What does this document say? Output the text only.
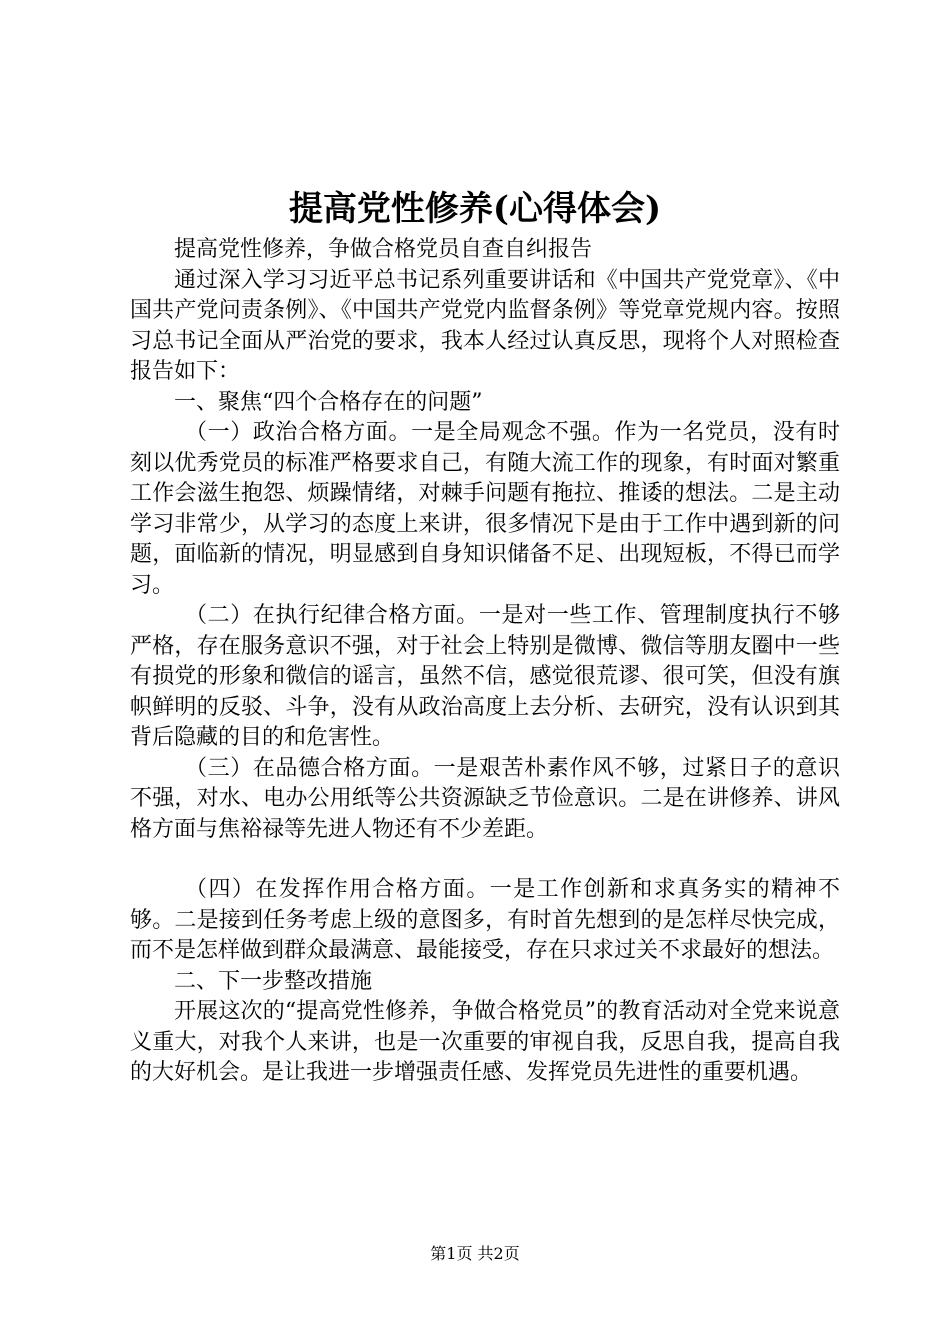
提高党性修养(心得体会)

提高党性修养，争做合格党员自查自纠报告

通过深入学习习近平总书记系列重要讲话和《中国共产党党章》、《中国共产党问责条例》、《中国共产党党内监督条例》等党章党规内容。按照习总书记全面从严治党的要求，我本人经过认真反思，现将个人对照检查报告如下：

一、聚焦“四个合格存在的问题”

（一）政治合格方面。一是全局观念不强。作为一名党员，没有时刻以优秀党员的标准严格要求自己，有随大流工作的现象，有时面对繁重工作会滋生抱怨、烦躁情绪，对棘手问题有拖拉、推诿的想法。二是主动学习非常少，从学习的态度上来讲，很多情况下是由于工作中遇到新的问题，面临新的情况，明显感到自身知识储备不足、出现短板，不得已而学习。

（二）在执行纪律合格方面。一是对一些工作、管理制度执行不够严格，存在服务意识不强，对于社会上特别是微博、微信等朋友圈中一些有损党的形象和微信的谣言，虽然不信，感觉很荒谬、很可笑，但没有旗帜鲜明的反驳、斗争，没有从政治高度上去分析、去研究，没有认识到其背后隐藏的目的和危害性。

（三）在品德合格方面。一是艰苦朴素作风不够，过紧日子的意识不强，对水、电办公用纸等公共资源缺乏节俭意识。二是在讲修养、讲风格方面与焦裕禄等先进人物还有不少差距。

（四）在发挥作用合格方面。一是工作创新和求真务实的精神不够。二是接到任务考虑上级的意图多，有时首先想到的是怎样尽快完成，而不是怎样做到群众最满意、最能接受，存在只求过关不求最好的想法。

二、下一步整改措施

开展这次的“提高党性修养，争做合格党员”的教育活动对全党来说意义重大，对我个人来讲，也是一次重要的审视自我，反思自我，提高自我的大好机会。是让我进一步增强责任感、发挥党员先进性的重要机遇。

第1页 共2页
